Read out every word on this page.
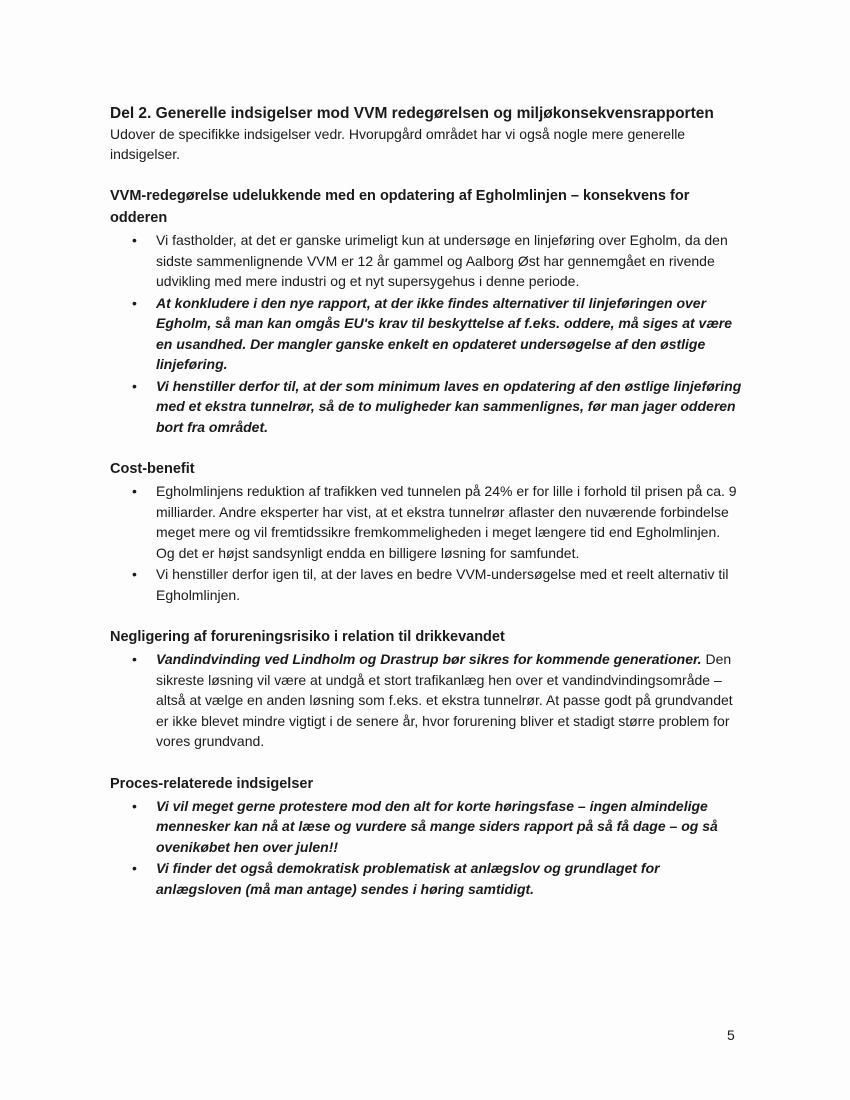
Del 2. Generelle indsigelser mod VVM redegørelsen og miljøkonsekvensrapporten

Udover de specifikke indsigelser vedr. Hvorupgård området har vi også nogle mere generelle indsigelser.

VVM-redegørelse udelukkende med en opdatering af Egholmlinjen – konsekvens for odderen
• Vi fastholder, at det er ganske urimeligt kun at undersøge en linjeføring over Egholm, da den sidste sammenlignende VVM er 12 år gammel og Aalborg Øst har gennemgået en rivende udvikling med mere industri og et nyt supersygehus i denne periode.
• At konkludere i den nye rapport, at der ikke findes alternativer til linjeføringen over Egholm, så man kan omgås EU's krav til beskyttelse af f.eks. oddere, må siges at være en usandhed. Der mangler ganske enkelt en opdateret undersøgelse af den østlige linjeføring.
• Vi henstiller derfor til, at der som minimum laves en opdatering af den østlige linjeføring med et ekstra tunnelrør, så de to muligheder kan sammenlignes, før man jager odderen bort fra området.
Cost-benefit
• Egholmlinjens reduktion af trafikken ved tunnelen på 24% er for lille i forhold til prisen på ca. 9 milliarder. Andre eksperter har vist, at et ekstra tunnelrør aflaster den nuværende forbindelse meget mere og vil fremtidssikre fremkommeligheden i meget længere tid end Egholmlinjen. Og det er højst sandsynligt endda en billigere løsning for samfundet.
• Vi henstiller derfor igen til, at der laves en bedre VVM-undersøgelse med et reelt alternativ til Egholmlinjen.
Negligering af forureningsrisiko i relation til drikkevandet
• Vandindvinding ved Lindholm og Drastrup bør sikres for kommende generationer. Den sikreste løsning vil være at undgå et stort trafikanlæg hen over et vandindvindingsområde – altså at vælge en anden løsning som f.eks. et ekstra tunnelrør. At passe godt på grundvandet er ikke blevet mindre vigtigt i de senere år, hvor forurening bliver et stadigt større problem for vores grundvand.
Proces-relaterede indsigelser
• Vi vil meget gerne protestere mod den alt for korte høringsfase – ingen almindelige mennesker kan nå at læse og vurdere så mange siders rapport på så få dage – og så ovenikøbet hen over julen!!
• Vi finder det også demokratisk problematisk at anlægslov og grundlaget for anlægsloven (må man antage) sendes i høring samtidigt.
5
